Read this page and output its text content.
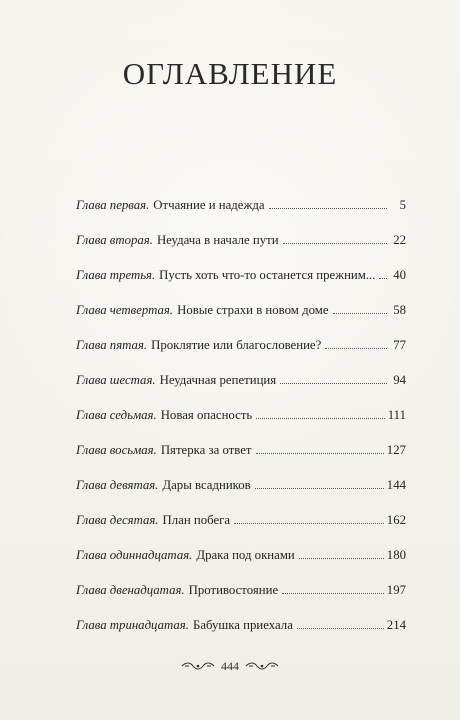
ОГЛАВЛЕНИЕ
Глава первая. Отчаяние и надежда	5
Глава вторая. Неудача в начале пути	22
Глава третья. Пусть хоть что-то останется прежним... 40
Глава четвертая. Новые страхи в новом доме	58
Глава пятая. Проклятие или благословение?	77
Глава шестая. Неудачная репетиция	94
Глава седьмая. Новая опасность	111
Глава восьмая. Пятерка за ответ	127
Глава девятая. Дары всадников	144
Глава десятая. План побега	162
Глава одиннадцатая. Драка под окнами	180
Глава двенадцатая. Противостояние	197
Глава тринадцатая. Бабушка приехала	214
444
